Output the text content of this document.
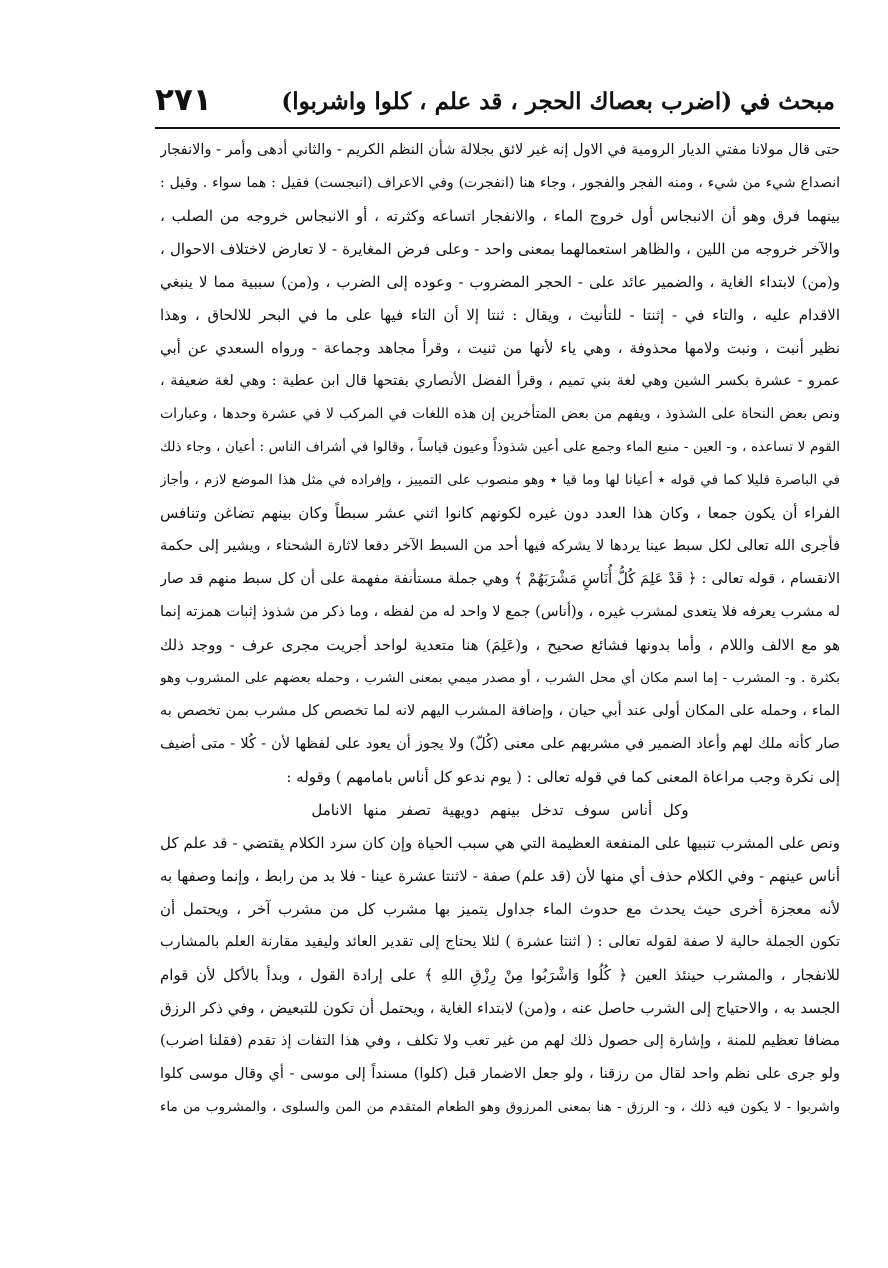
مبحث في (اضرب بعصاك الحجر ، قد علم ، كلوا واشربوا)
٢٧١
حتى قال مولانا مفتي الديار الرومية في الاول إنه غير لائق بجلالة شأن النظم الكريم - والثاني أدهى وأمر - والانفجار
انصداع شيء من شيء ، ومنه الفجر والفجور ، وجاء هنا (انفجرت) وفي الاعراف (انبجست) فقيل : هما سواء . وقيل :
بينهما فرق وهو أن الانبجاس أول خروج الماء ، والانفجار اتساعه وكثرته ، أو الانبجاس خروجه من الصلب ،
والآخر خروجه من اللين ، والظاهر استعمالهما بمعنى واحد - وعلى فرض المغايرة - لا تعارض لاختلاف الاحوال ،
و(من) لابتداء الغاية ، والضمير عائد على - الحجر المضروب - وعوده إلى الضرب ، و(من) سببية مما لا ينبغي
الاقدام عليه ، والتاء في - إثنتا - للتأنيث ، ويقال : ثنتا إلا أن التاء فيها على ما في البحر للالحاق ، وهذا
نظير أنبت ، ونبت ولامها محذوفة ، وهي ياء لأنها من ثنيت ، وقرأ مجاهد وجماعة - ورواه السعدي عن أبي
عمرو - عشرة بكسر الشين وهي لغة بني تميم ، وقرأ الفضل الأنصاري بفتحها قال ابن عطية : وهي لغة ضعيفة ،
ونص بعض النحاة على الشذوذ ، ويفهم من بعض المتأخرين إن هذه اللغات في المركب لا في عشرة وحدها ، وعبارات
القوم لا تساعده ، و- العين - منبع الماء وجمع على أعين شذوذاً وعيون قياساً ، وقالوا في أشراف الناس : أعيان ، وجاء ذلك
في الباصرة قليلا كما في قوله ٭ أعيانا لها وما قيا ٭ وهو منصوب على التمييز ، وإفراده في مثل هذا الموضع لازم ، وأجاز
الفراء أن يكون جمعا ، وكان هذا العدد دون غيره لكونهم كانوا اثني عشر سبطاً وكان بينهم تضاغن وتنافس
فأجرى الله تعالى لكل سبط عينا يردها لا يشركه فيها أحد من السبط الآخر دفعا لاثارة الشحناء ، ويشير إلى حكمة
الانقسام ، قوله تعالى : ﴿ قَدْ عَلِمَ كُلُّ أُنَاسٍ مَشْرَبَهُمْ ﴾ وهي جملة مستأنفة مفهمة على أن كل سبط منهم قد صار
له مشرب يعرفه فلا يتعدى لمشرب غيره ، و(أناس) جمع لا واحد له من لفظه ، وما ذكر من شذوذ إثبات همزته إنما
هو مع الالف واللام ، وأما بدونها فشائع صحيح ، و(عَلِمَ) هنا متعدية لواحد أجريت مجرى عرف - ووجد ذلك
بكثرة . و- المشرب - إما اسم مكان أي محل الشرب ، أو مصدر ميمي بمعنى الشرب ، وحمله بعضهم على المشروب وهو
الماء ، وحمله على المكان أولى عند أبي حيان ، وإضافة المشرب اليهم لانه لما تخصص كل مشرب بمن تخصص به
صار كأنه ملك لهم وأعاد الضمير في مشربهم على معنى (كُلّ) ولا يجوز أن يعود على لفظها لأن - كُلا - متى أضيف
إلى نكرة وجب مراعاة المعنى كما في قوله تعالى : ( يوم ندعو كل أناس بامامهم ) وقوله :
وكل أناس سوف تدخل بينهم دويهية تصفر منها الانامل
ونص على المشرب تنبيها على المنفعة العظيمة التي هي سبب الحياة وإن كان سرد الكلام يقتضي - قد علم كل
أناس عينهم - وفي الكلام حذف أي منها لأن (قد علم) صفة - لاثنتا عشرة عينا - فلا بد من رابط ، وإنما وصفها به
لأنه معجزة أخرى حيث يحدث مع حدوث الماء جداول يتميز بها مشرب كل من مشرب آخر ، ويحتمل أن
تكون الجملة حالية لا صفة لقوله تعالى : ( اثنتا عشرة ) لئلا يحتاج إلى تقدير العائد وليفيد مقارنة العلم بالمشارب
للانفجار ، والمشرب حينئذ العين ﴿ كُلُوا وَاشْرَبُوا مِنْ رِزْقِ اللهِ ﴾ على إرادة القول ، وبدأ بالأكل لأن قوام
الجسد به ، والاحتياج إلى الشرب حاصل عنه ، و(من) لابتداء الغاية ، ويحتمل أن تكون للتبعيض ، وفي ذكر الرزق
مضافا تعظيم للمنة ، وإشارة إلى حصول ذلك لهم من غير تعب ولا تكلف ، وفي هذا التفات إذ تقدم (فقلنا اضرب)
ولو جرى على نظم واحد لقال من رزقنا ، ولو جعل الاضمار قبل (كلوا) مسنداً إلى موسى - أي وقال موسى كلوا
واشربوا - لا يكون فيه ذلك ، و- الرزق - هنا بمعنى المرزوق وهو الطعام المتقدم من المن والسلوى ، والمشروب من ماء
